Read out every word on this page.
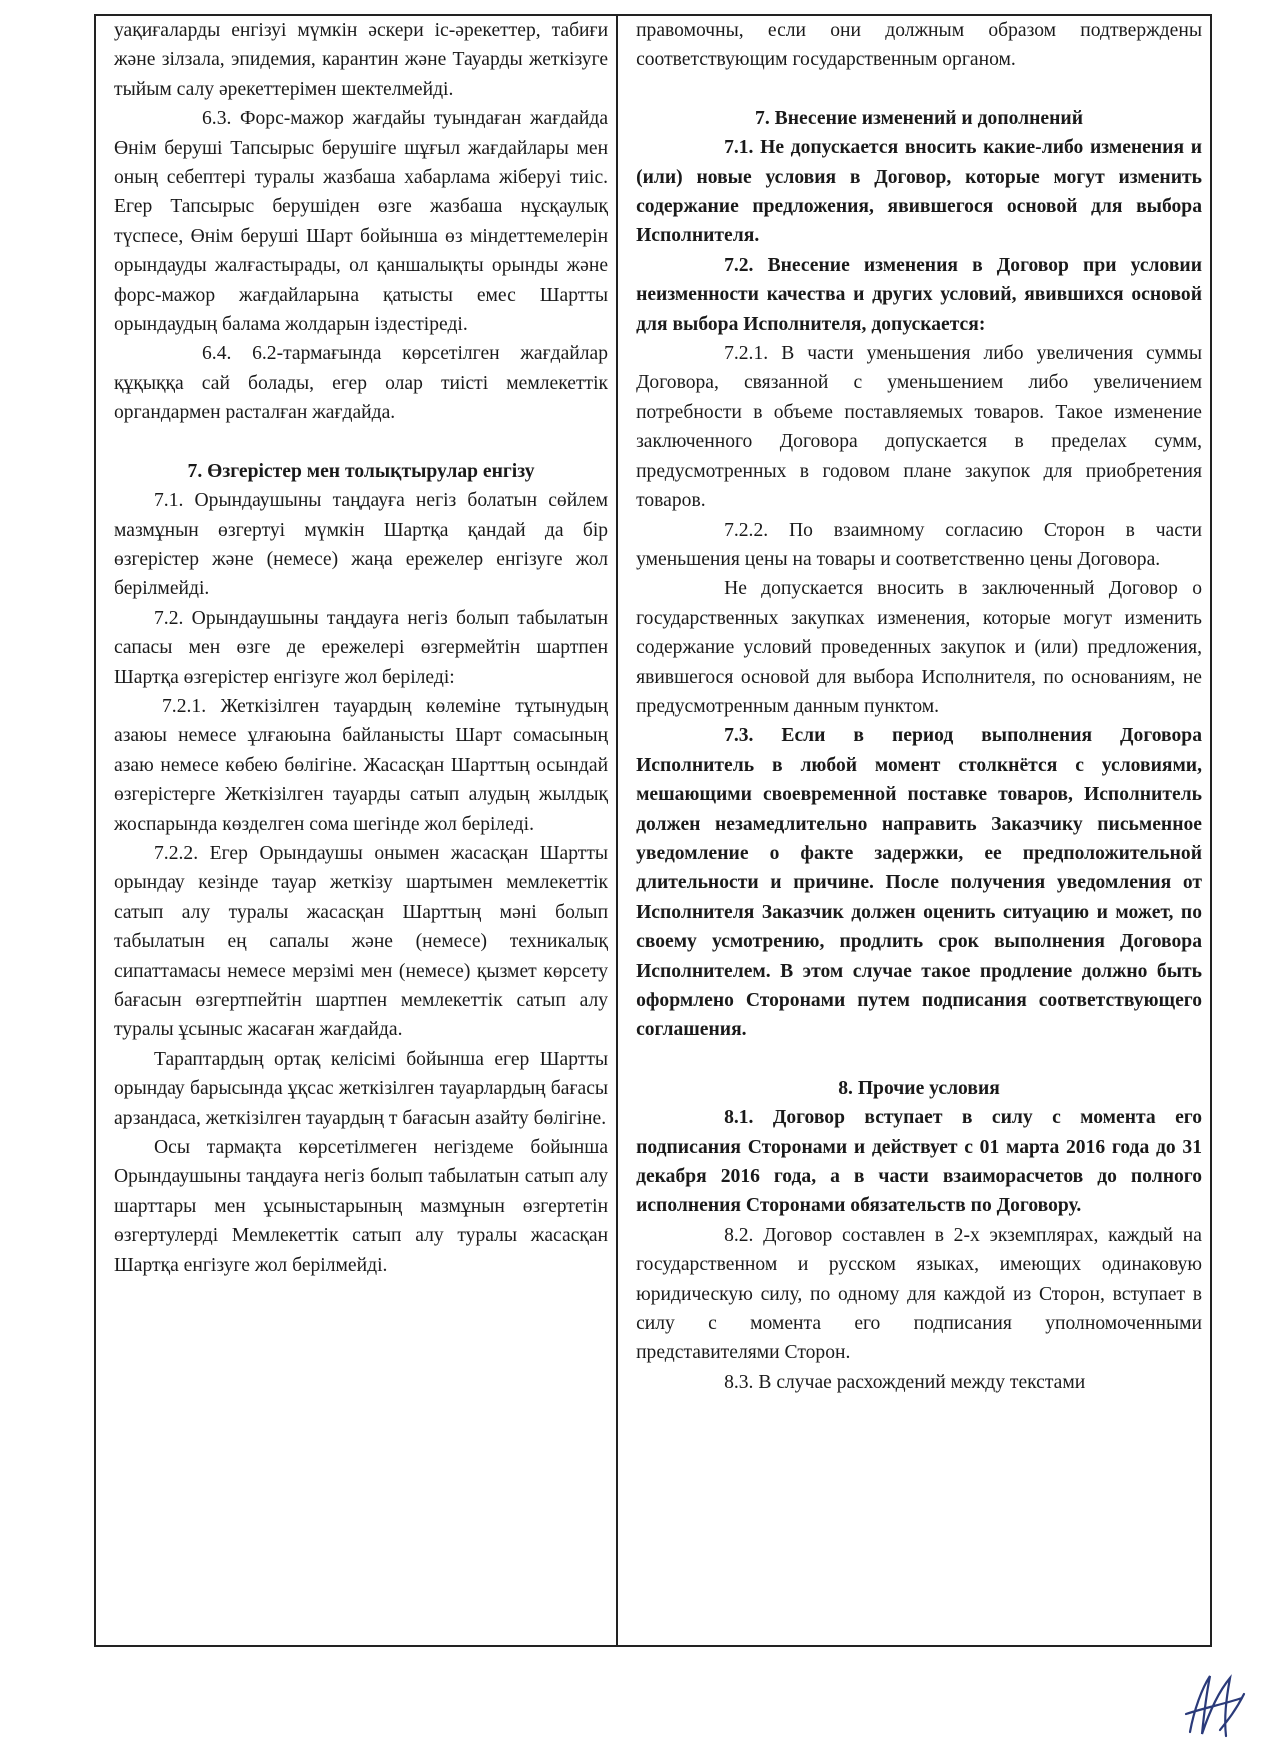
уақиғаларды енгізуі мүмкін әскери іс-әрекеттер, табиғи және зілзала, эпидемия, карантин және Тауарды жеткізуге тыйым салу әрекеттерімен шектелмейді.

6.3. Форс-мажор жағдайы туындаған жағдайда Өнім беруші Тапсырыс берушіге шұғыл жағдайлары мен оның себептері туралы жазбаша хабарлама жіберуі тиіс. Егер Тапсырыс берушіден өзге жазбаша нұсқаулық түспесе, Өнім беруші Шарт бойынша өз міндеттемелерін орындауды жалғастырады, ол қаншалықты орынды және форс-мажор жағдайларына қатысты емес Шартты орындаудың балама жолдарын іздестіреді.

6.4. 6.2-тармағында көрсетілген жағдайлар құқыққа сай болады, егер олар тиісті мемлекеттік органдармен расталған жағдайда.

7. Өзгерістер мен толықтырулар енгізу

7.1. Орындаушыны таңдауға негіз болатын сөйлем мазмұнын өзгертуі мүмкін Шартқа қандай да бір өзгерістер және (немесе) жаңа ережелер енгізуге жол берілмейді.

7.2. Орындаушыны таңдауға негіз болып табылатын сапасы мен өзге де ережелері өзгермейтін шартпен Шартқа өзгерістер енгізуге жол беріледі:

7.2.1. Жеткізілген тауардың көлеміне тұтынудың азаюы немесе ұлғаюына байланысты Шарт сомасының азаю немесе көбею бөлігіне. Жасасқан Шарттың осындай өзгерістерге Жеткізілген тауарды сатып алудың жылдық жоспарында көзделген сома шегінде жол беріледі.

7.2.2. Егер Орындаушы онымен жасасқан Шартты орындау кезінде тауар жеткізу шартымен мемлекеттік сатып алу туралы жасасқан Шарттың мәні болып табылатын ең сапалы және (немесе) техникалық сипаттамасы немесе мерзімі мен (немесе) қызмет көрсету бағасын өзгертпейтін шартпен мемлекеттік сатып алу туралы ұсыныс жасаған жағдайда.

Тараптардың ортақ келісімі бойынша егер Шартты орындау барысында ұқсас жеткізілген тауарлардың бағасы арзандаса, жеткізілген тауардың т бағасын азайту бөлігіне.

Осы тармақта көрсетілмеген негіздеме бойынша Орындаушыны таңдауға негіз болып табылатын сатып алу шарттары мен ұсыныстарының мазмұнын өзгертетін өзгертулерді Мемлекеттік сатып алу туралы жасасқан Шартқа енгізуге жол берілмейді.

правомочны, если они должным образом подтверждены соответствующим государственным органом.

7. Внесение изменений и дополнений

7.1. Не допускается вносить какие-либо изменения и (или) новые условия в Договор, которые могут изменить содержание предложения, явившегося основой для выбора Исполнителя.

7.2. Внесение изменения в Договор при условии неизменности качества и других условий, явившихся основой для выбора Исполнителя, допускается:

7.2.1. В части уменьшения либо увеличения суммы Договора, связанной с уменьшением либо увеличением потребности в объеме поставляемых товаров. Такое изменение заключенного Договора допускается в пределах сумм, предусмотренных в годовом плане закупок для приобретения товаров.

7.2.2. По взаимному согласию Сторон в части уменьшения цены на товары и соответственно цены Договора.

Не допускается вносить в заключенный Договор о государственных закупках изменения, которые могут изменить содержание условий проведенных закупок и (или) предложения, явившегося основой для выбора Исполнителя, по основаниям, не предусмотренным данным пунктом.

7.3. Если в период выполнения Договора Исполнитель в любой момент столкнётся с условиями, мешающими своевременной поставке товаров, Исполнитель должен незамедлительно направить Заказчику письменное уведомление о факте задержки, ее предположительной длительности и причине. После получения уведомления от Исполнителя Заказчик должен оценить ситуацию и может, по своему усмотрению, продлить срок выполнения Договора Исполнителем. В этом случае такое продление должно быть оформлено Сторонами путем подписания соответствующего соглашения.

8. Прочие условия

8.1. Договор вступает в силу с момента его подписания Сторонами и действует с 01 марта 2016 года до 31 декабря 2016 года, а в части взаиморасчетов до полного исполнения Сторонами обязательств по Договору.

8.2. Договор составлен в 2-х экземплярах, каждый на государственном и русском языках, имеющих одинаковую юридическую силу, по одному для каждой из Сторон, вступает в силу с момента его подписания уполномоченными представителями Сторон.

8.3. В случае расхождений между текстами
